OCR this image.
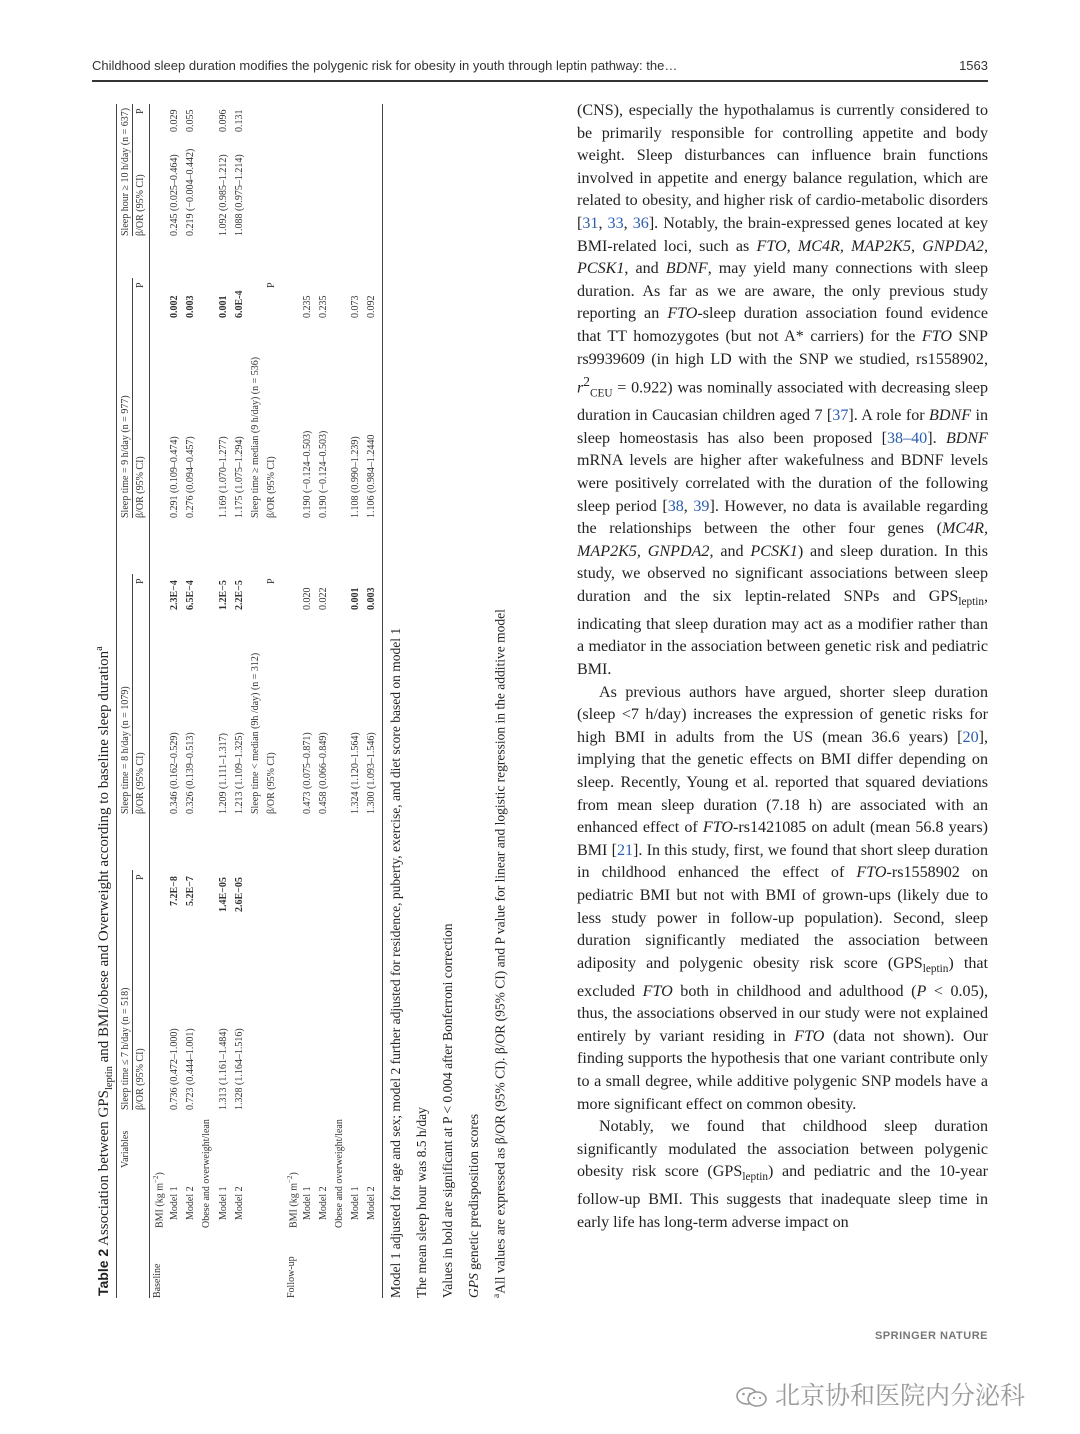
Childhood sleep duration modifies the polygenic risk for obesity in youth through leptin pathway: the…	1563
Table 2 Association between $GPS_{leptin}$ and BMI/obese and Overweight according to baseline sleep duration$^a$
Variables
Sleep time ≤ 7 h/day (n = 518)
Sleep time = 8 h/day (n = 1079)
Sleep time = 9 h/day (n = 977)
Sleep hour ≥ 10 h/day (n = 637)
β/OR (95% CI)
P
β/OR (95% CI)
P
β/OR (95% CI)
P
β/OR (95% CI)
P
Baseline
BMI (kg $m^{-2}$)
Model 1
0.736 (0.472–1.000)
7.2E−8
0.346 (0.162–0.529)
2.3E−4
0.291 (0.109–0.474)
0.002
0.245 (0.025–0.464)
0.029
Model 2
0.723 (0.444–1.001)
5.2E−7
0.326 (0.139–0.513)
6.5E−4
0.276 (0.094–0.457)
0.003
0.219 (−0.004–0.442)
0.055
Obese and overweight/lean Model 1
1.313 (1.161–1.484)
1.4E−05
1.209 (1.111–1.317)
1.2E−5
1.169 (1.070–1.277)
0.001
1.092 (0.985–1.212)
0.096
Model 2
1.328 (1.164–1.516)
2.6E−05
1.213 (1.109–1.325)
2.2E−5
1.175 (1.075–1.294)
6.0E-4
1.088 (0.975–1.214)
0.131
Sleep time < median (9h /day) (n = 312)
Sleep time ≥ median (9 h/day) (n = 536)
β/OR (95% CI)
P
β/OR (95% CI)
P
Follow-up
BMI (kg $m^{-2}$)
Model 1
0.473 (0.075–0.871)
0.020
0.190 (−0.124–0.503)
0.235
Model 2
0.458 (0.066–0.849)
0.022
0.190 (−0.124–0.503)
0.235
Obese and overweight/lean Model 1
1.324 (1.120–1.564)
0.001
1.108 (0.990–1.239)
0.073
Model 2
1.300 (1.093–1.546)
0.003
1.106 (0.984–1.2440
0.092
Model 1 adjusted for age and sex; model 2 further adjusted for residence, puberty, exercise, and diet score based on model 1 The mean sleep hour was 8.5 h/day Values in bold are significant at P < 0.004 after Bonferroni correction GPS genetic predisposition scores
$^a$All values are expressed as β/OR (95% CI). β/OR (95% CI) and P value for linear and logistic regression in the additive model

(CNS), especially the hypothalamus is currently considered to be primarily responsible for controlling appetite and body weight. Sleep disturbances can influence brain functions involved in appetite and energy balance regulation, which are related to obesity, and higher risk of cardio-metabolic disorders [31, 33, 36]. Notably, the brain-expressed genes located at key BMI-related loci, such as FTO, MC4R, MAP2K5, GNPDA2, PCSK1, and BDNF, may yield many connections with sleep duration. As far as we are aware, the only previous study reporting an FTO-sleep duration association found evidence that TT homozygotes (but not A* carriers) for the FTO SNP rs9939609 (in high LD with the SNP we studied, rs1558902, $r^2_{CEU} = 0.922$) was nominally associated with decreasing sleep duration in Caucasian children aged 7 [37]. A role for BDNF in sleep homeostasis has also been proposed [38–40]. BDNF mRNA levels are higher after wakefulness and BDNF levels were positively correlated with the duration of the following sleep period [38, 39]. However, no data is available regarding the relationships between the other four genes (MC4R, MAP2K5, GNPDA2, and PCSK1) and sleep duration. In this study, we observed no significant associations between sleep duration and the six leptin-related SNPs and $GPS_{leptin}$, indicating that sleep duration may act as a modifier rather than a mediator in the association between genetic risk and pediatric BMI.

As previous authors have argued, shorter sleep duration (sleep <7 h/day) increases the expression of genetic risks for high BMI in adults from the US (mean 36.6 years) [20], implying that the genetic effects on BMI differ depending on sleep. Recently, Young et al. reported that squared deviations from mean sleep duration (7.18 h) are associated with an enhanced effect of FTO-rs1421085 on adult (mean 56.8 years) BMI [21]. In this study, first, we found that short sleep duration in childhood enhanced the effect of FTO-rs1558902 on pediatric BMI but not with BMI of grown-ups (likely due to less study power in follow-up population). Second, sleep duration significantly mediated the association between adiposity and polygenic obesity risk score $(GPS_{leptin})$ that excluded FTO both in childhood and adulthood (P < 0.05), thus, the associations observed in our study were not explained entirely by variant residing in FTO (data not shown). Our finding supports the hypothesis that one variant contribute only to a small degree, while additive polygenic SNP models have a more significant effect on common obesity.

Notably, we found that childhood sleep duration significantly modulated the association between polygenic obesity risk score $(GPS_{leptin})$ and pediatric and the 10-year follow-up BMI. This suggests that inadequate sleep time in early life has long-term adverse impact on

SPRINGER NATURE
北京协和医院内分泌科
